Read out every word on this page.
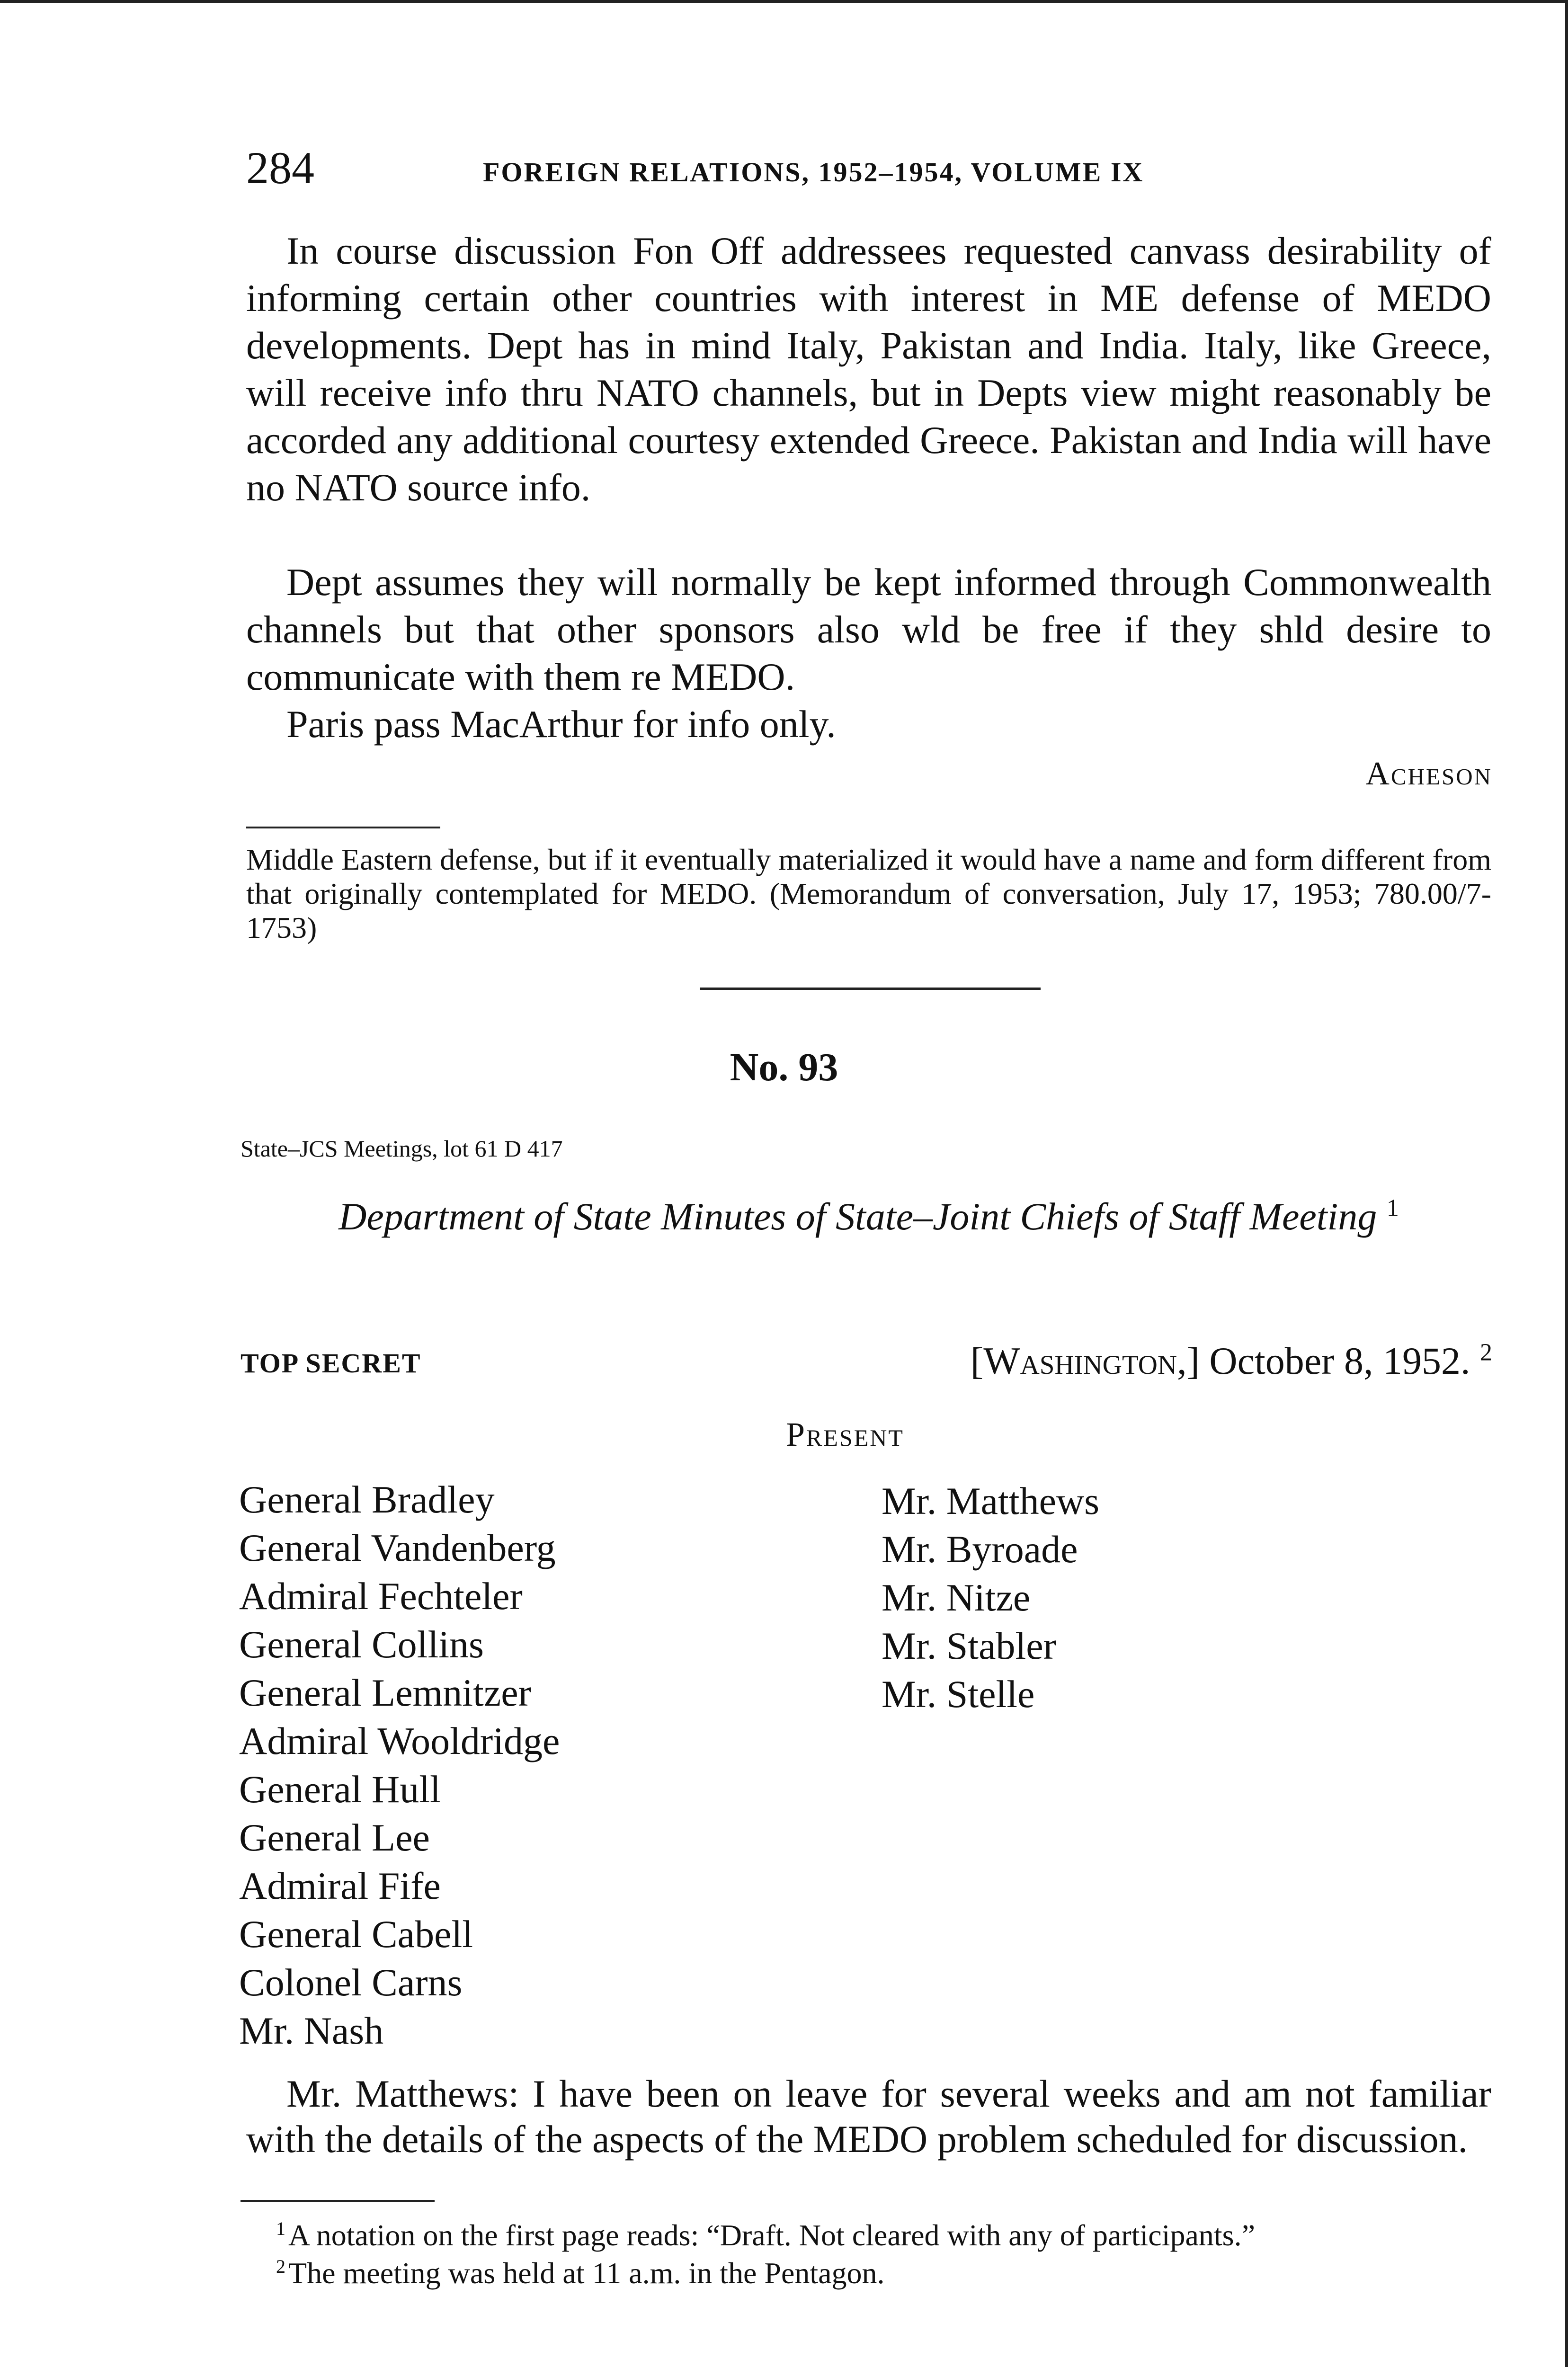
284	FOREIGN RELATIONS, 1952–1954, VOLUME IX

In course discussion Fon Off addressees requested canvass desirability of informing certain other countries with interest in ME defense of MEDO developments. Dept has in mind Italy, Pakistan and India. Italy, like Greece, will receive info thru NATO channels, but in Depts view might reasonably be accorded any additional courtesy extended Greece. Pakistan and India will have no NATO source info.

Dept assumes they will normally be kept informed through Commonwealth channels but that other sponsors also wld be free if they shld desire to communicate with them re MEDO.

Paris pass MacArthur for info only.

Acheson

Middle Eastern defense, but if it eventually materialized it would have a name and form different from that originally contemplated for MEDO. (Memorandum of conversation, July 17, 1953; 780.00/7-1753)

No. 93
State–JCS Meetings, lot 61 D 417
Department of State Minutes of State–Joint Chiefs of Staff Meeting $^1$
TOP SECRET	[Washington,] October 8, 1952. $^2$
Present
General Bradley
General Vandenberg
Admiral Fechteler
General Collins
General Lemnitzer
Admiral Wooldridge
General Hull
General Lee
Admiral Fife
General Cabell
Colonel Carns
Mr. Nash
Mr. Matthews
Mr. Byroade
Mr. Nitze
Mr. Stabler
Mr. Stelle

Mr. Matthews: I have been on leave for several weeks and am not familiar with the details of the aspects of the MEDO problem scheduled for discussion.

$^1$A notation on the first page reads: “Draft. Not cleared with any of participants.”
$^2$The meeting was held at 11 a.m. in the Pentagon.
